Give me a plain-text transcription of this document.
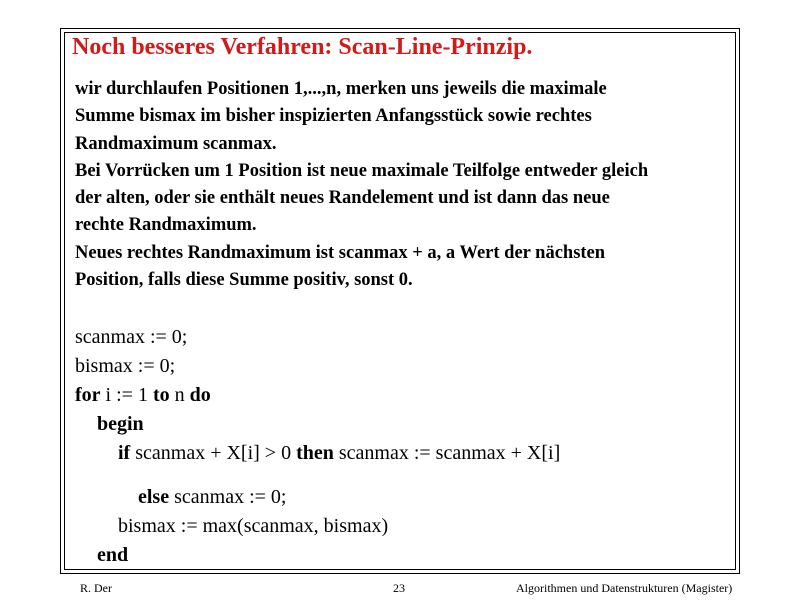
Noch besseres Verfahren: Scan-Line-Prinzip.
wir durchlaufen Positionen 1,...,n, merken uns jeweils die maximale
Summe bismax im bisher inspizierten Anfangsstück sowie rechtes
Randmaximum scanmax.
Bei Vorrücken um 1 Position ist neue maximale Teilfolge entweder gleich
der alten, oder sie enthält neues Randelement und ist dann das neue
rechte Randmaximum.
Neues rechtes Randmaximum ist scanmax + a, a Wert der nächsten
Position, falls diese Summe positiv, sonst 0.
scanmax := 0;
bismax := 0;
for i := 1 to n do
begin
if scanmax + X[i] > 0 then scanmax := scanmax + X[i]
else scanmax := 0;
bismax := max(scanmax, bismax)
end
R. Der	23	Algorithmen und Datenstrukturen (Magister)
